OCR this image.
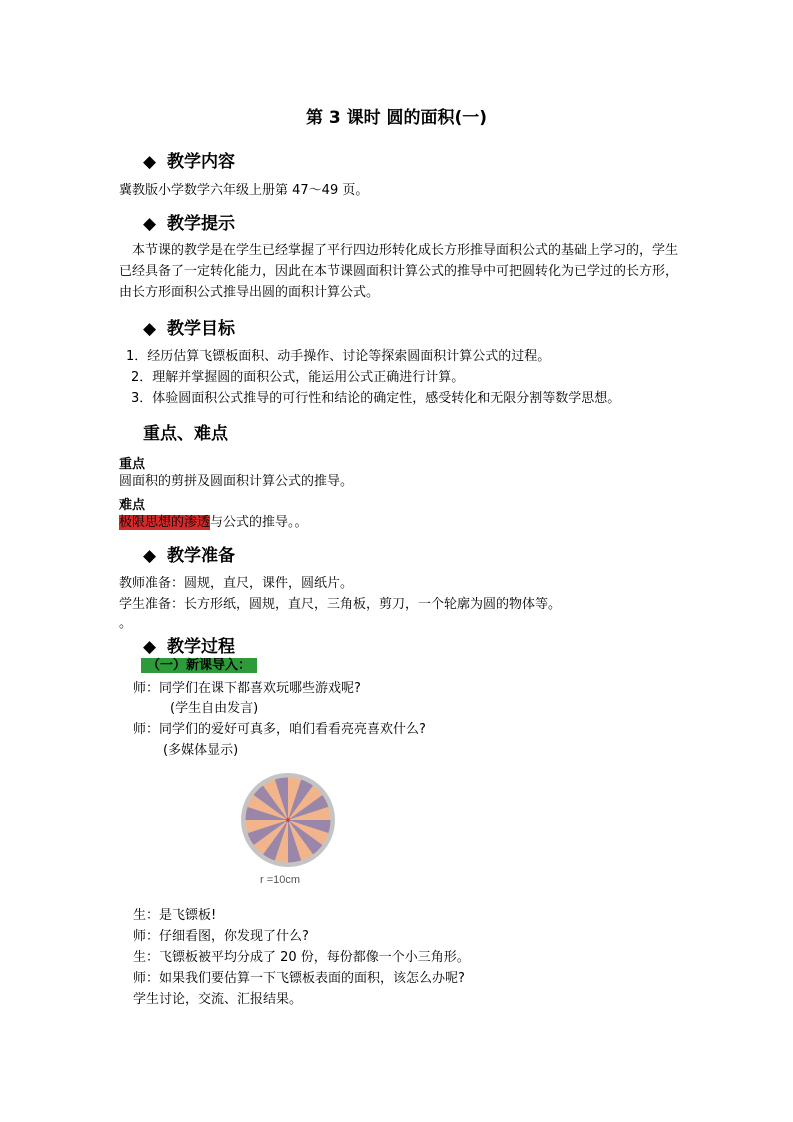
第 3 课时 圆的面积(一)
◆ 教学内容
冀教版小学数学六年级上册第 47～49 页。
◆ 教学提示
本节课的教学是在学生已经掌握了平行四边形转化成长方形推导面积公式的基础上学习的，学生已经具备了一定转化能力，因此在本节课圆面积计算公式的推导中可把圆转化为已学过的长方形，由长方形面积公式推导出圆的面积计算公式。
◆ 教学目标
1．经历估算飞镖板面积、动手操作、讨论等探索圆面积计算公式的过程。
2．理解并掌握圆的面积公式，能运用公式正确进行计算。
3．体验圆面积公式推导的可行性和结论的确定性，感受转化和无限分割等数学思想。
重点、难点
重点
圆面积的剪拼及圆面积计算公式的推导。
难点
极限思想的渗透与公式的推导。。
◆ 教学准备
教师准备：圆规，直尺，课件，圆纸片。
学生准备：长方形纸，圆规，直尺，三角板，剪刀，一个轮廓为圆的物体等。
。
◆ 教学过程
（一）新课导入：
师：同学们在课下都喜欢玩哪些游戏呢?
(学生自由发言)
师：同学们的爱好可真多，咱们看看亮亮喜欢什么?
(多媒体显示)
r =10cm
生：是飞镖板!
师：仔细看图，你发现了什么?
生：飞镖板被平均分成了 20 份，每份都像一个小三角形。
师：如果我们要估算一下飞镖板表面的面积，该怎么办呢?
学生讨论，交流、汇报结果。
